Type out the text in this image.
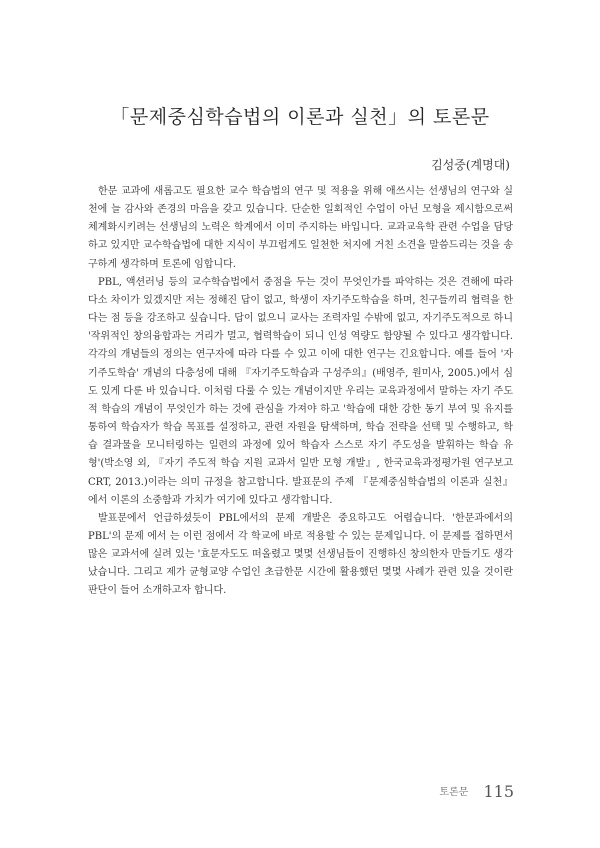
「문제중심학습법의 이론과 실천」의 토론문
김성중(계명대)

한문 교과에 새롭고도 필요한 교수 학습법의 연구 및 적용을 위해 애쓰시는 선생님의 연구와 실천에 늘 감사와 존경의 마음을 갖고 있습니다. 단순한 일회적인 수업이 아닌 모형을 제시함으로써 체계화시키려는 선생님의 노력은 학계에서 이미 주지하는 바입니다. 교과교육학 관련 수업을 담당하고 있지만 교수학습법에 대한 지식이 부끄럽게도 일천한 처지에 거친 소견을 말씀드리는 것을 송구하게 생각하며 토론에 임합니다.

PBL, 액션러닝 등의 교수학습법에서 중점을 두는 것이 무엇인가를 파악하는 것은 견해에 따라 다소 차이가 있겠지만 저는 정해진 답이 없고, 학생이 자기주도학습을 하며, 친구들끼리 협력을 한다는 점 등을 강조하고 싶습니다. 답이 없으니 교사는 조력자일 수밖에 없고, 자기주도적으로 하니 '작위적인 창의융합과는 거리가 멀고, 협력학습이 되니 인성 역량도 함양될 수 있다고 생각합니다. 각각의 개념들의 정의는 연구자에 따라 다를 수 있고 이에 대한 연구는 긴요합니다. 예를 들어 '자기주도학습' 개념의 다층성에 대해 『자기주도학습과 구성주의』(배영주, 원미사, 2005.)에서 심도 있게 다룬 바 있습니다. 이처럼 다룰 수 있는 개념이지만 우리는 교육과정에서 말하는 자기 주도적 학습의 개념이 무엇인가 하는 것에 관심을 가져야 하고 '학습에 대한 강한 동기 부여 및 유지를 통하여 학습자가 학습 목표를 설정하고, 관련 자원을 탐색하며, 학습 전략을 선택 및 수행하고, 학습 결과물을 모니터링하는 일련의 과정에 있어 학습자 스스로 자기 주도성을 발휘하는 학습 유형'(박소영 외, 『자기 주도적 학습 지원 교과서 일반 모형 개발』, 한국교육과정평가원 연구보고 CRT, 2013.)이라는 의미 규정을 참고합니다. 발표문의 주제 『문제중심학습법의 이론과 실천』에서 이론의 소중함과 가치가 여기에 있다고 생각합니다.

발표문에서 언급하셨듯이 PBL에서의 문제 개발은 중요하고도 어렵습니다. '한문과에서의 PBL'의 문제 에서 는 이런 점에서 각 학교에 바로 적용할 수 있는 문제입니다. 이 문제를 접하면서 많은 교과서에 실려 있는 '효문자도도 떠올렸고 몇몇 선생님들이 진행하신 창의한자 만들기도 생각났습니다. 그리고 제가 균형교양 수업인 초급한문 시간에 활용했던 몇몇 사례가 관련 있을 것이란 판단이 들어 소개하고자 합니다.

토론문 115
